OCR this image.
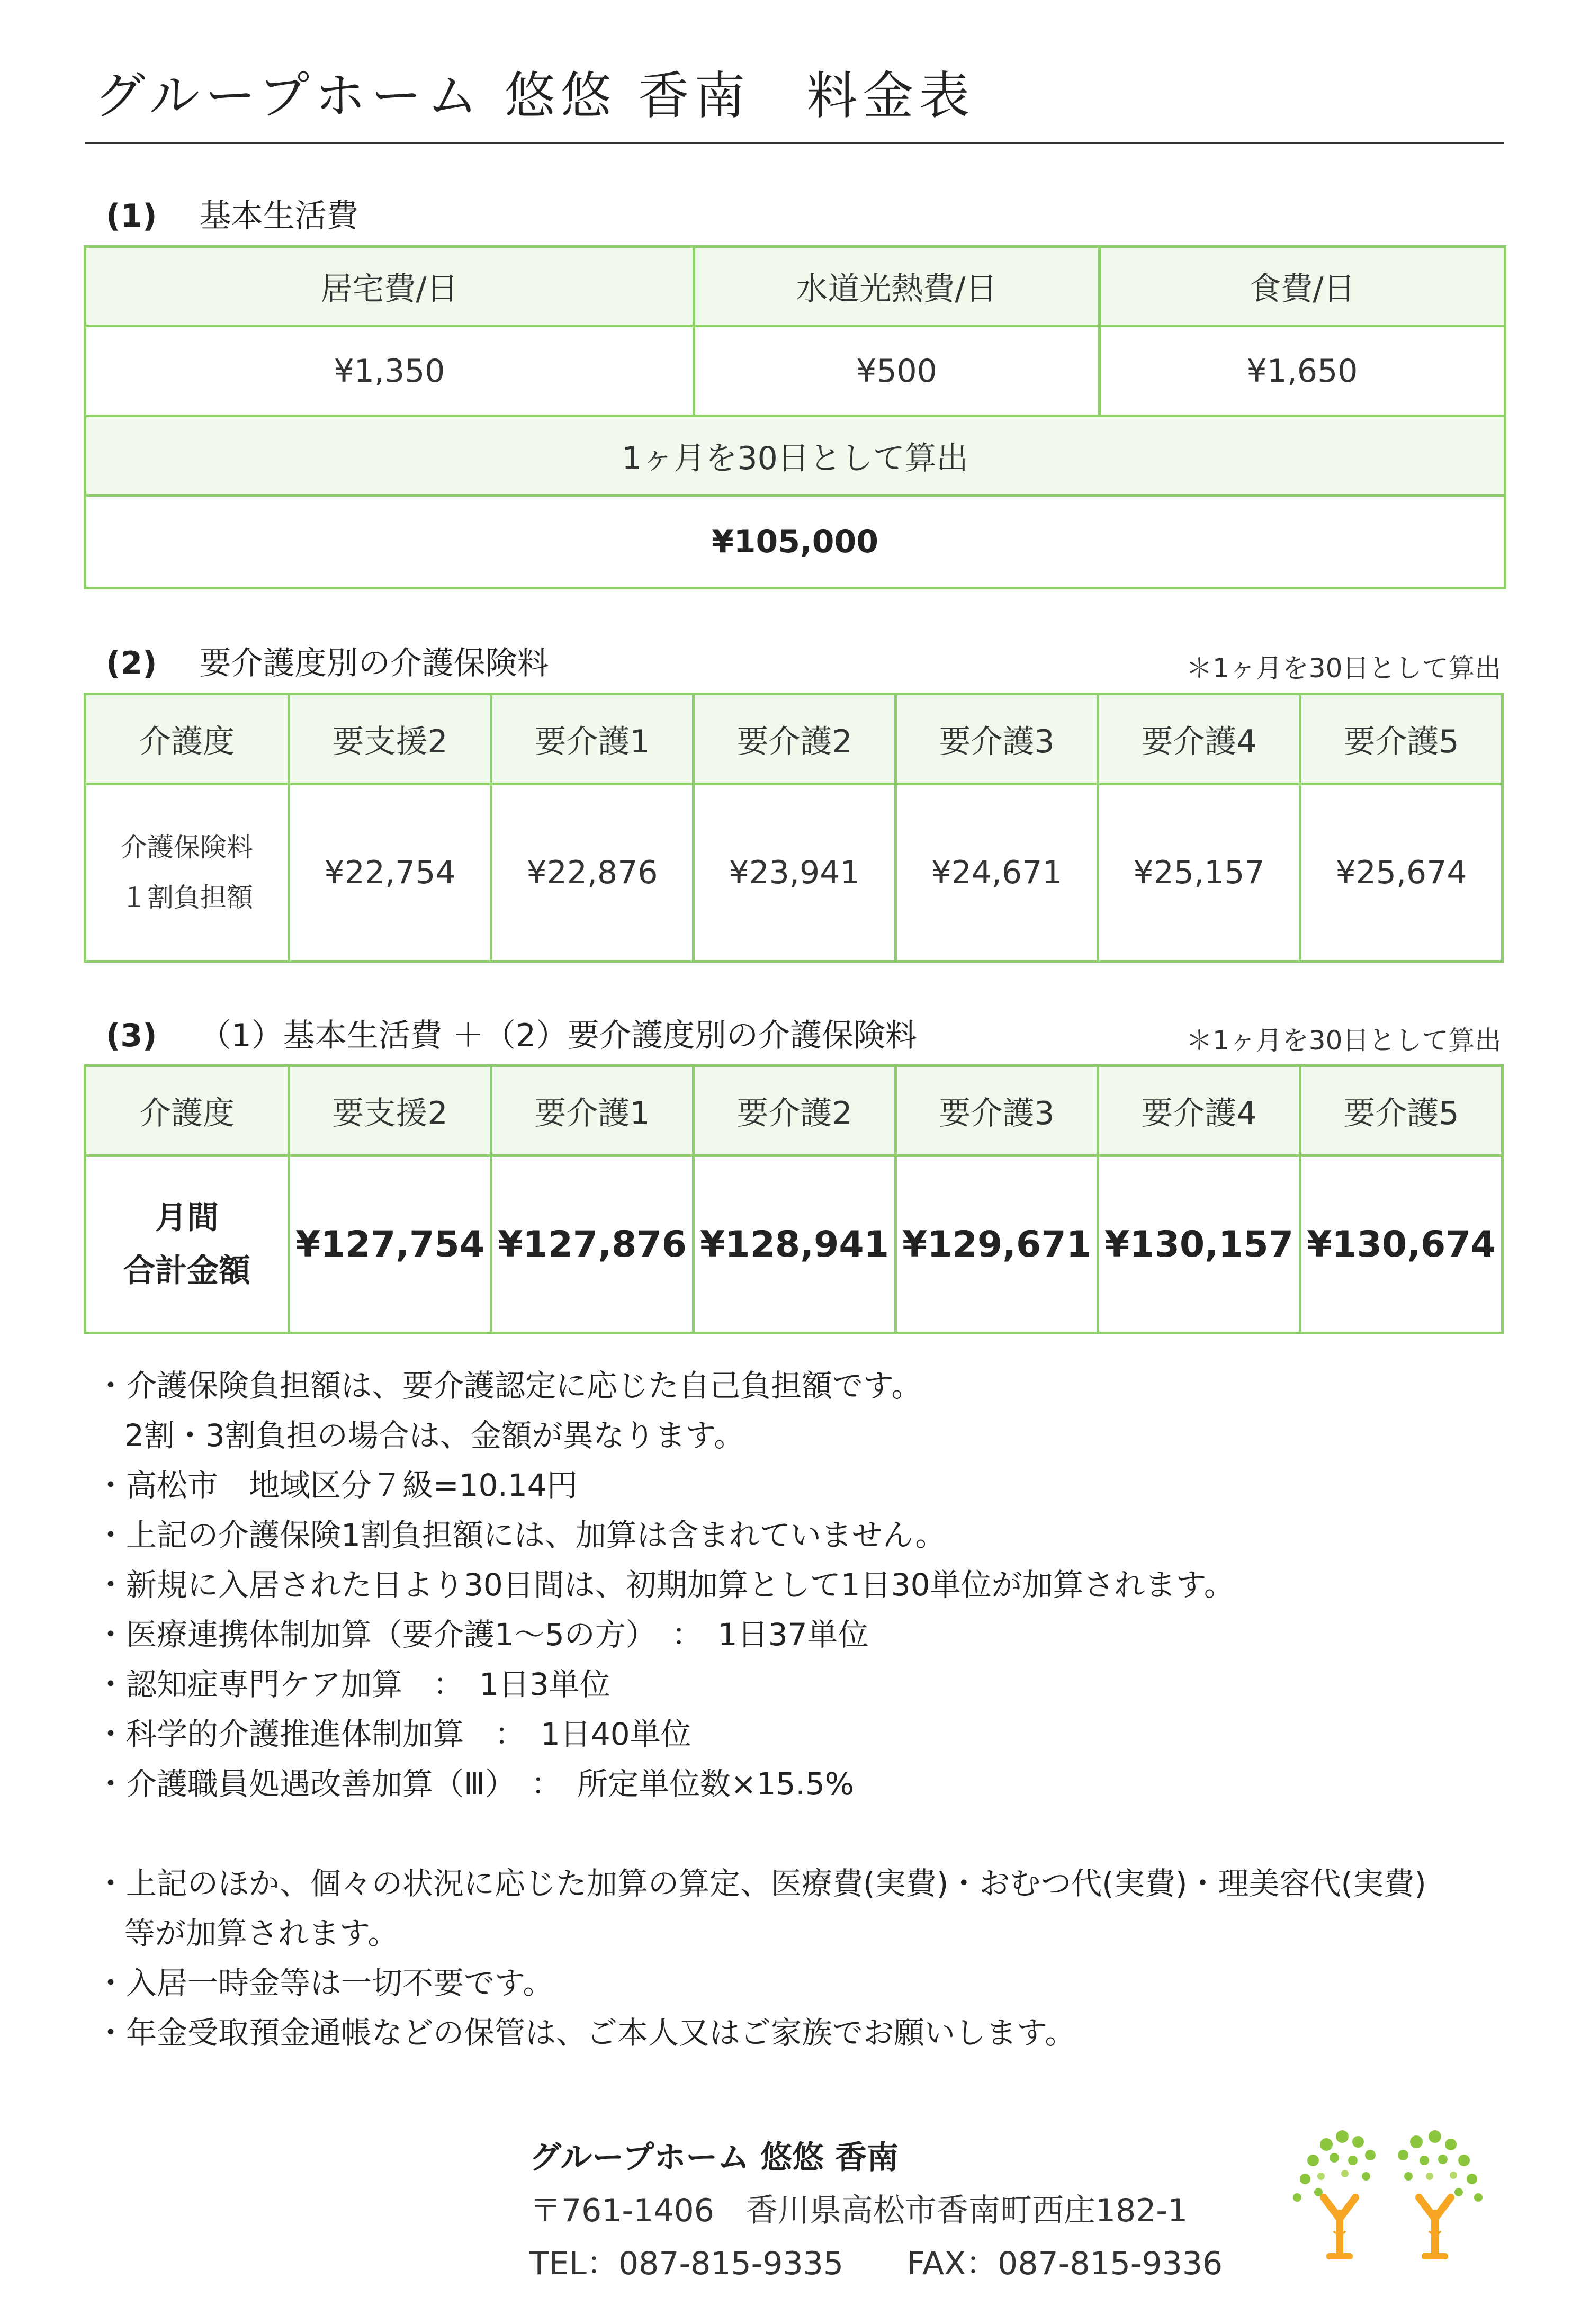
グループホーム 悠悠 香南　料金表
(1) 基本生活費
居宅費/日	水道光熱費/日	食費/日
¥1,350	¥500	¥1,650
1ヶ月を30日として算出		
¥105,000		
(2) 要介護度別の介護保険料	＊1ヶ月を30日として算出
介護度	要支援2	要介護1	要介護2	要介護3	要介護4	要介護5

介護保険料
１割負担額	¥22,754	¥22,876	¥23,941	¥24,671	¥25,157	¥25,674
(3) （1）基本生活費 ＋（2）要介護度別の介護保険料	＊1ヶ月を30日として算出
介護度	要支援2	要介護1	要介護2	要介護3	要介護4	要介護5

月間
合計金額	¥127,754	¥127,876	¥128,941	¥129,671	¥130,157	¥130,674
・介護保険負担額は、要介護認定に応じた自己負担額です。
2割・3割負担の場合は、金額が異なります。
・高松市　地域区分７級=10.14円
・上記の介護保険1割負担額には、加算は含まれていません。
・新規に入居された日より30日間は、初期加算として1日30単位が加算されます。
・医療連携体制加算（要介護1～5の方）　：　1日37単位
・認知症専門ケア加算　：　1日3単位
・科学的介護推進体制加算　：　1日40単位
・介護職員処遇改善加算（Ⅲ）　：　所定単位数×15.5%
・上記のほか、個々の状況に応じた加算の算定、医療費(実費)・おむつ代(実費)・理美容代(実費)
等が加算されます。
・入居一時金等は一切不要です。
・年金受取預金通帳などの保管は、ご本人又はご家族でお願いします。
グループホーム 悠悠 香南
〒761-1406　香川県高松市香南町西庄182-1
TEL：087-815-9335 FAX：087-815-9336
